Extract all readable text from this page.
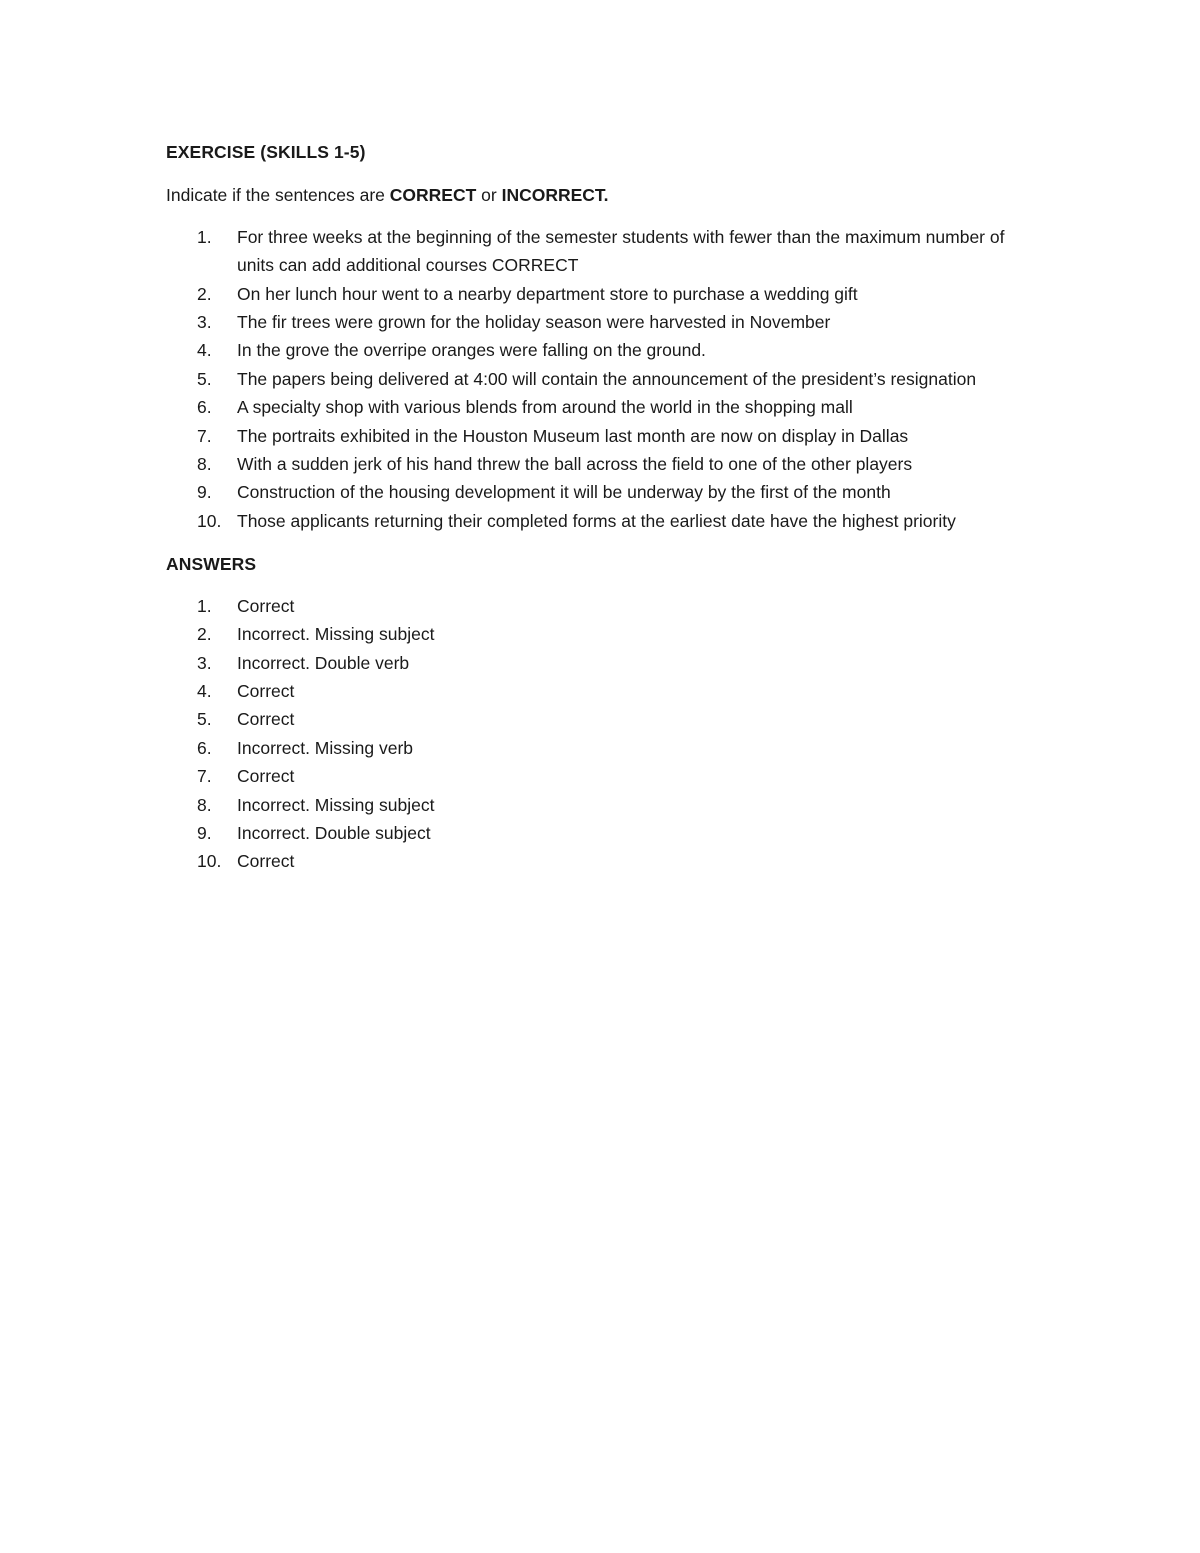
EXERCISE (SKILLS 1-5)

Indicate if the sentences are CORRECT or INCORRECT.

1.	For three weeks at the beginning of the semester students with fewer than the maximum number of units can add additional courses CORRECT
2.	On her lunch hour went to a nearby department store to purchase a wedding gift
3.	The fir trees were grown for the holiday season were harvested in November
4.	In the grove the overripe oranges were falling on the ground.
5.	The papers being delivered at 4:00 will contain the announcement of the president’s resignation
6.	A specialty shop with various blends from around the world in the shopping mall
7.	The portraits exhibited in the Houston Museum last month are now on display in Dallas
8.	With a sudden jerk of his hand threw the ball across the field to one of the other players
9.	Construction of the housing development it will be underway by the first of the month
10. Those applicants returning their completed forms at the earliest date have the highest priority

ANSWERS

1.	Correct
2.	Incorrect. Missing subject
3.	Incorrect. Double verb
4.	Correct
5.	Correct
6.	Incorrect. Missing verb
7.	Correct
8.	Incorrect. Missing subject
9.	Incorrect. Double subject
10. Correct
